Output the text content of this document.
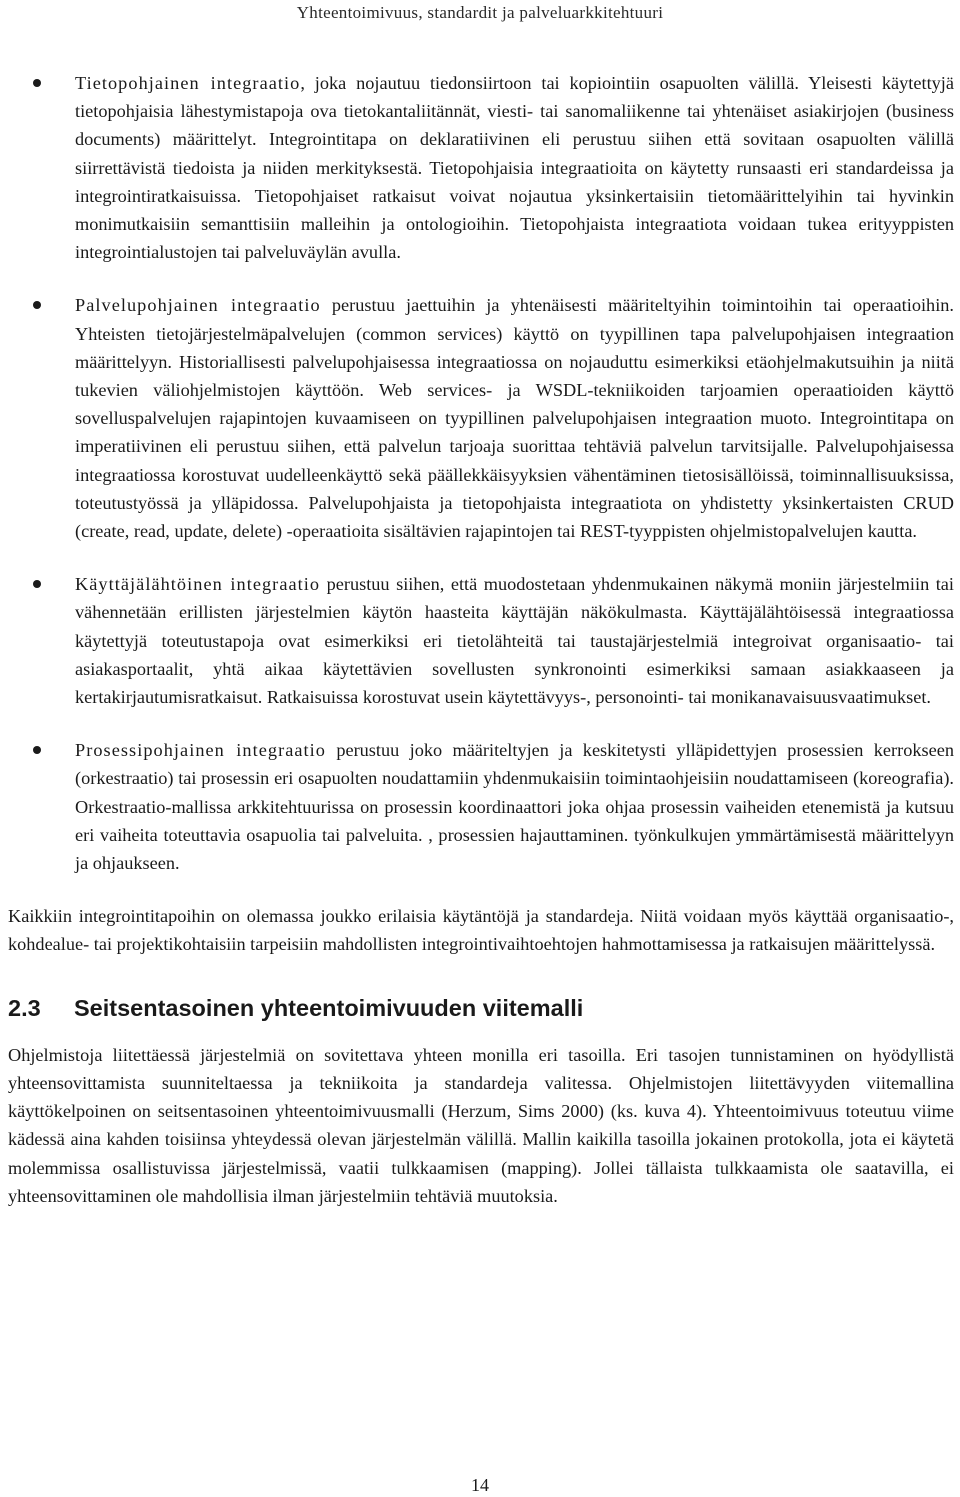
Yhteentoimivuus, standardit ja palveluarkkitehtuuri
Tietopohjainen integraatio, joka nojautuu tiedonsiirtoon tai kopiointiin osapuolten välillä. Yleisesti käytettyjä tietopohjaisia lähestymistapoja ova tietokantaliitännät, viesti- tai sanomaliikenne tai yhtenäiset asiakirjojen (business documents) määrittelyt. Integrointitapa on deklaratiivinen eli perustuu siihen että sovitaan osapuolten välillä siirrettävistä tiedoista ja niiden merkityksestä. Tietopohjaisia integraatioita on käytetty runsaasti eri standardeissa ja integrointiratkaisuissa. Tietopohjaiset ratkaisut voivat nojautua yksinkertaisiin tietomäärittelyihin tai hyvinkin monimutkaisiin semanttisiin malleihin ja ontologioihin. Tietopohjaista integraatiota voidaan tukea erityyppisten integrointialustojen tai palveluväylän avulla.
Palvelupohjainen integraatio perustuu jaettuihin ja yhtenäisesti määriteltyihin toimintoihin tai operaatioihin. Yhteisten tietojärjestelmäpalvelujen (common services) käyttö on tyypillinen tapa palvelupohjaisen integraation määrittelyyn. Historiallisesti palvelupohjaisessa integraatiossa on nojauduttu esimerkiksi etäohjelmakutsuihin ja niitä tukevien väliohjelmistojen käyttöön. Web services- ja WSDL-tekniikoiden tarjoamien operaatioiden käyttö sovelluspalvelujen rajapintojen kuvaamiseen on tyypillinen palvelupohjaisen integraation muoto. Integrointitapa on imperatiivinen eli perustuu siihen, että palvelun tarjoaja suorittaa tehtäviä palvelun tarvitsijalle. Palvelupohjaisessa integraatiossa korostuvat uudelleenkäyttö sekä päällekkäisyyksien vähentäminen tietosisällöissä, toiminnallisuuksissa, toteutustyössä ja ylläpidossa. Palvelupohjaista ja tietopohjaista integraatiota on yhdistetty yksinkertaisten CRUD (create, read, update, delete) -operaatioita sisältävien rajapintojen tai REST-tyyppisten ohjelmistopalvelujen kautta.
Käyttäjälähtöinen integraatio perustuu siihen, että muodostetaan yhdenmukainen näkymä moniin järjestelmiin tai vähennetään erillisten järjestelmien käytön haasteita käyttäjän näkökulmasta. Käyttäjälähtöisessä integraatiossa käytettyjä toteutustapoja ovat esimerkiksi eri tietolähteitä tai taustajärjestelmiä integroivat organisaatio- tai asiakasportaalit, yhtä aikaa käytettävien sovellusten synkronointi esimerkiksi samaan asiakkaaseen ja kertakirjautumisratkaisut. Ratkaisuissa korostuvat usein käytettävyys-, personointi- tai monikanavaisuusvaatimukset.
Prosessipohjainen integraatio perustuu joko määriteltyjen ja keskitetysti ylläpidettyjen prosessien kerrokseen (orkestraatio) tai prosessin eri osapuolten noudattamiin yhdenmukaisiin toimintaohjeisiin noudattamiseen (koreografia). Orkestraatio-mallissa arkkitehtuurissa on prosessin koordinaattori joka ohjaa prosessin vaiheiden etenemistä ja kutsuu eri vaiheita toteuttavia osapuolia tai palveluita. , prosessien hajauttaminen. työnkulkujen ymmärtämisestä määrittelyyn ja ohjaukseen.

Kaikkiin integrointitapoihin on olemassa joukko erilaisia käytäntöjä ja standardeja. Niitä voidaan myös käyttää organisaatio-, kohdealue- tai projektikohtaisiin tarpeisiin mahdollisten integrointivaihtoehtojen hahmottamisessa ja ratkaisujen määrittelyssä.

2.3 Seitsentasoinen yhteentoimivuuden viitemalli

Ohjelmistoja liitettäessä järjestelmiä on sovitettava yhteen monilla eri tasoilla. Eri tasojen tunnistaminen on hyödyllistä yhteensovittamista suunniteltaessa ja tekniikoita ja standardeja valitessa. Ohjelmistojen liitettävyyden viitemallina käyttökelpoinen on seitsentasoinen yhteentoimivuusmalli (Herzum, Sims 2000) (ks. kuva 4). Yhteentoimivuus toteutuu viime kädessä aina kahden toisiinsa yhteydessä olevan järjestelmän välillä. Mallin kaikilla tasoilla jokainen protokolla, jota ei käytetä molemmissa osallistuvissa järjestelmissä, vaatii tulkkaamisen (mapping). Jollei tällaista tulkkaamista ole saatavilla, ei yhteensovittaminen ole mahdollisia ilman järjestelmiin tehtäviä muutoksia.

14
